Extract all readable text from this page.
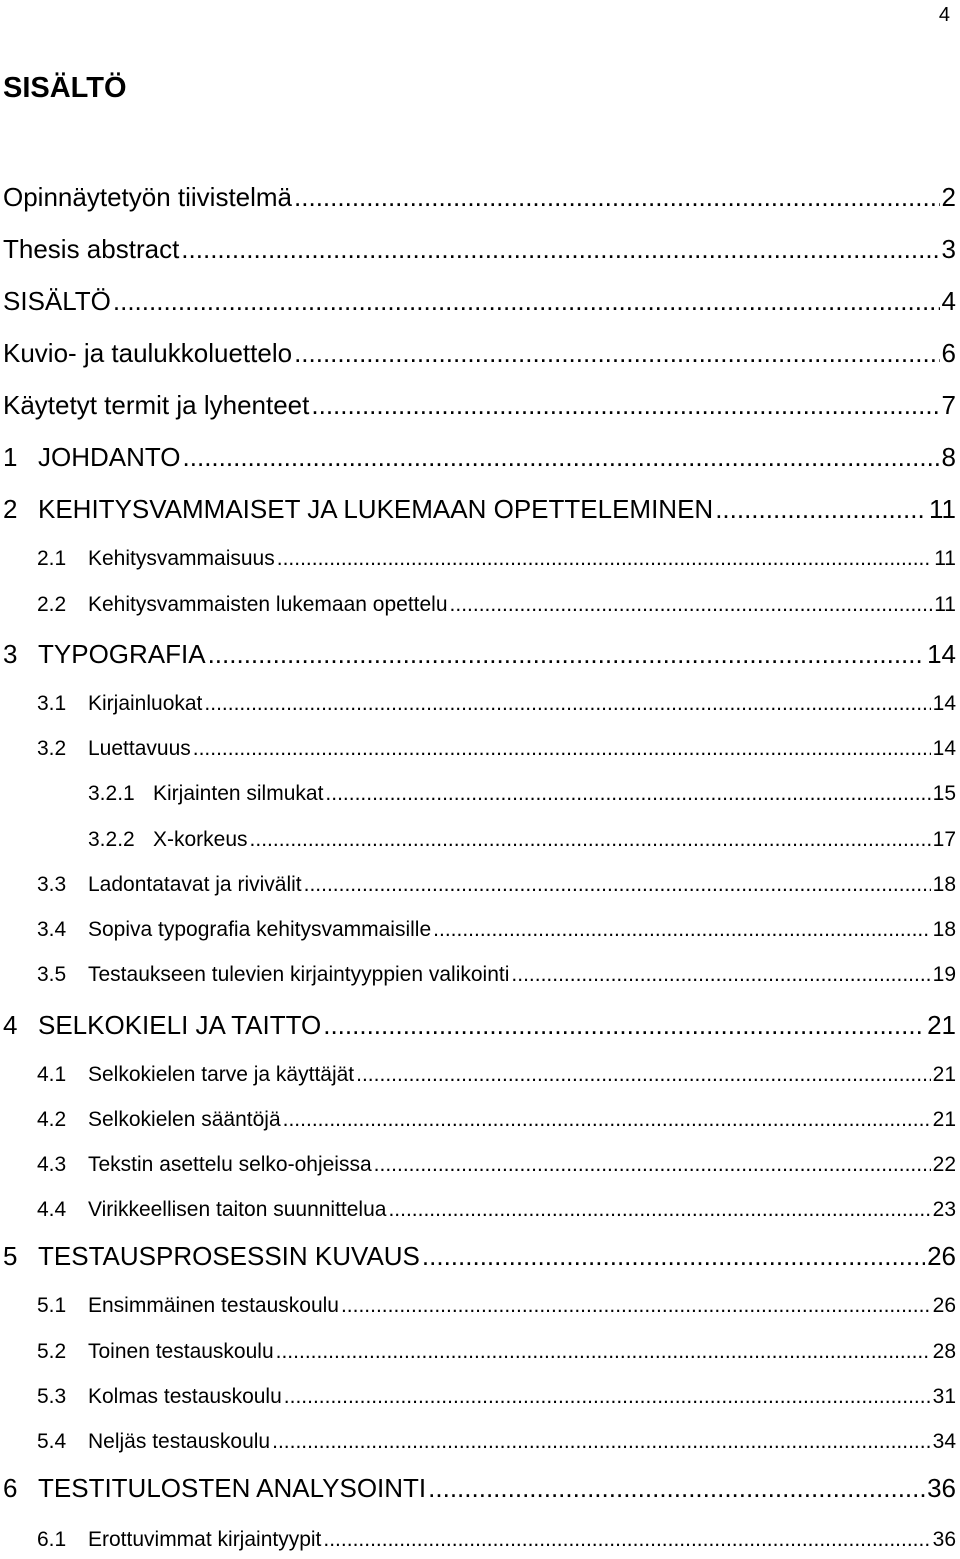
4
SISÄLTÖ
Opinnäytetyön tiivistelmä .....	2
Thesis abstract .....	3
SISÄLTÖ .....	4
Kuvio- ja taulukkoluettelo .....	6
Käytetyt termit ja lyhenteet .....	7
1 JOHDANTO .....	8
2 KEHITYSVAMMAISET JA LUKEMAAN OPETTELEMINEN .....	11
2.1	Kehitysvammaisuus .....	11
2.2	Kehitysvammaisten lukemaan opettelu .....	11
3 TYPOGRAFIA .....	14
3.1	Kirjainluokat .....	14
3.2	Luettavuus .....	14
3.2.1 Kirjainten silmukat .....	15
3.2.2 X-korkeus .....	17
3.3	Ladontatavat ja rivivälit .....	18
3.4	Sopiva typografia kehitysvammaisille .....	18
3.5	Testaukseen tulevien kirjaintyyppien valikointi .....	19
4 SELKOKIELI JA TAITTO .....	21
4.1	Selkokielen tarve ja käyttäjät .....	21
4.2	Selkokielen sääntöjä .....	21
4.3	Tekstin asettelu selko-ohjeissa .....	22
4.4	Virikkeellisen taiton suunnittelua .....	23
5 TESTAUSPROSESSIN KUVAUS .....	26
5.1	Ensimmäinen testauskoulu .....	26
5.2	Toinen testauskoulu .....	28
5.3	Kolmas testauskoulu .....	31
5.4	Neljäs testauskoulu .....	34
6 TESTITULOSTEN ANALYSOINTI .....	36
6.1	Erottuvimmat kirjaintyypit .....	36
